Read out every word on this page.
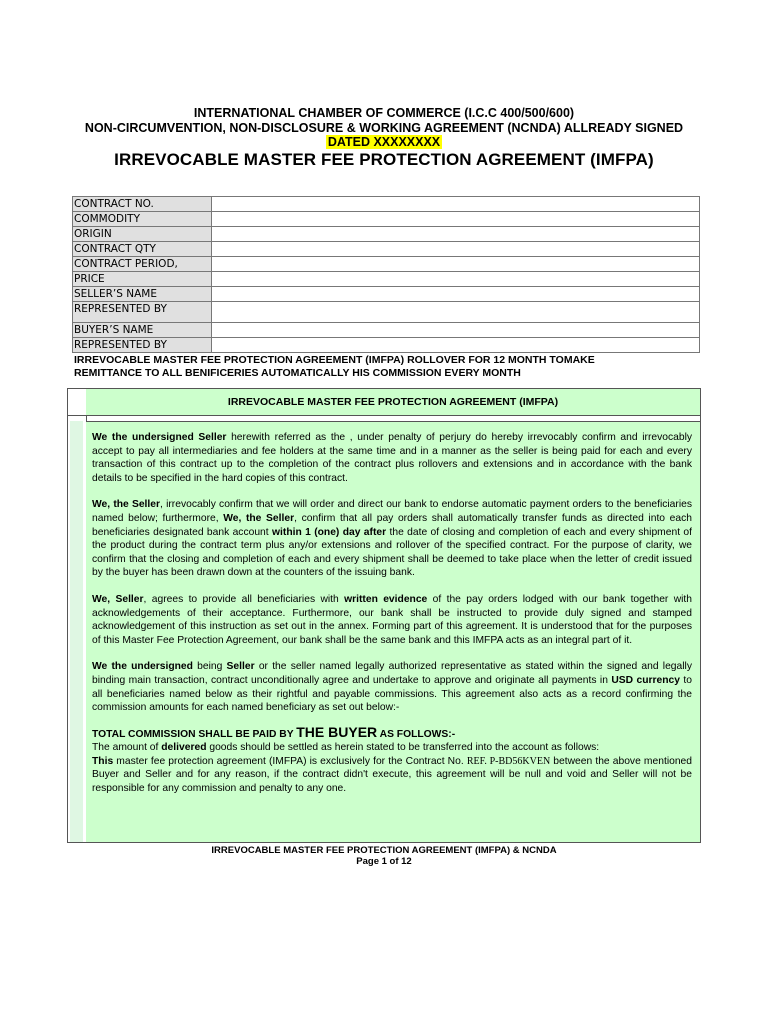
INTERNATIONAL CHAMBER OF COMMERCE (I.C.C 400/500/600)
NON-CIRCUMVENTION, NON-DISCLOSURE & WORKING AGREEMENT (NCNDA) ALLREADY SIGNED
DATED XXXXXXXX
IRREVOCABLE MASTER FEE PROTECTION AGREEMENT (IMFPA)
CONTRACT NO.	
COMMODITY	
ORIGIN	
CONTRACT QTY	
CONTRACT PERIOD,	
PRICE	
SELLER’S NAME	
REPRESENTED BY	
BUYER’S NAME	
REPRESENTED BY	
IRREVOCABLE MASTER FEE PROTECTION AGREEMENT (IMFPA) ROLLOVER FOR 12 MONTH TOMAKE
REMITTANCE TO ALL BENIFICERIES AUTOMATICALLY HIS COMMISSION EVERY MONTH
IRREVOCABLE MASTER FEE PROTECTION AGREEMENT (IMFPA)

We the undersigned Seller herewith referred as the , under penalty of perjury do hereby irrevocably confirm and irrevocably accept to pay all intermediaries and fee holders at the same time and in a manner as the seller is being paid for each and every transaction of this contract up to the completion of the contract plus rollovers and extensions and in accordance with the bank details to be specified in the hard copies of this contract.

We, the Seller, irrevocably confirm that we will order and direct our bank to endorse automatic payment orders to the beneficiaries named below; furthermore, We, the Seller, confirm that all pay orders shall automatically transfer funds as directed into each beneficiaries designated bank account within 1 (one) day after the date of closing and completion of each and every shipment of the product during the contract term plus any/or extensions and rollover of the specified contract. For the purpose of clarity, we confirm that the closing and completion of each and every shipment shall be deemed to take place when the letter of credit issued by the buyer has been drawn down at the counters of the issuing bank.

We, Seller, agrees to provide all beneficiaries with written evidence of the pay orders lodged with our bank together with acknowledgements of their acceptance. Furthermore, our bank shall be instructed to provide duly signed and stamped acknowledgement of this instruction as set out in the annex. Forming part of this agreement. It is understood that for the purposes of this Master Fee Protection Agreement, our bank shall be the same bank and this IMFPA acts as an integral part of it.

We the undersigned being Seller or the seller named legally authorized representative as stated within the signed and legally binding main transaction, contract unconditionally agree and undertake to approve and originate all payments in USD currency to all beneficiaries named below as their rightful and payable commissions. This agreement also acts as a record confirming the commission amounts for each named beneficiary as set out below:-

TOTAL COMMISSION SHALL BE PAID BY THE BUYER AS FOLLOWS:-
The amount of delivered goods should be settled as herein stated to be transferred into the account as follows:
This master fee protection agreement (IMFPA) is exclusively for the Contract No. REF. P-BD56KVEN between the above mentioned Buyer and Seller and for any reason, if the contract didn't execute, this agreement will be null and void and Seller will not be responsible for any commission and penalty to any one.
IRREVOCABLE MASTER FEE PROTECTION AGREEMENT (IMFPA) & NCNDA
Page 1 of 12
